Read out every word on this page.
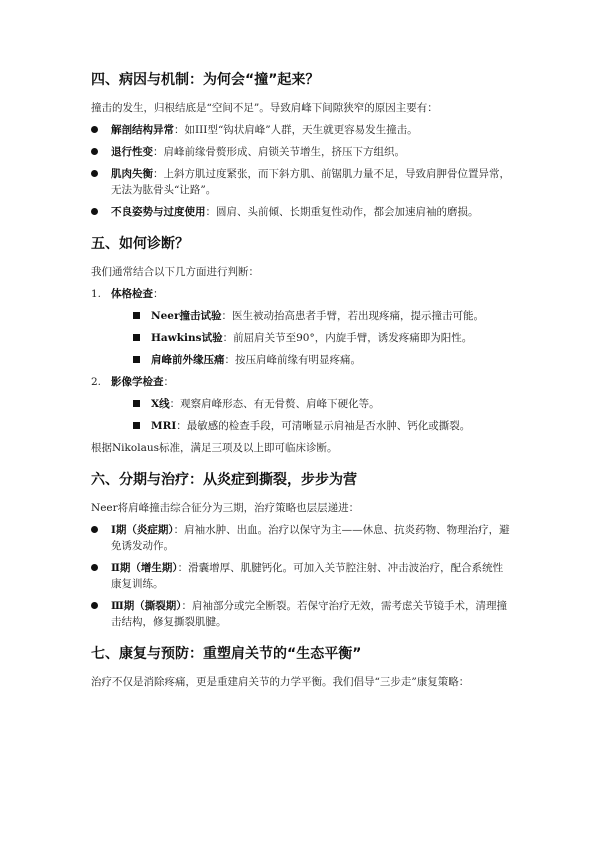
四、病因与机制：为何会“撞”起来？

撞击的发生，归根结底是“空间不足”。导致肩峰下间隙狭窄的原因主要有：

解剖结构异常：如III型“钩状肩峰”人群，天生就更容易发生撞击。
退行性变：肩峰前缘骨赘形成、肩锁关节增生，挤压下方组织。
肌肉失衡：上斜方肌过度紧张，而下斜方肌、前锯肌力量不足，导致肩胛骨位置异常，无法为肱骨头“让路”。
不良姿势与过度使用：圆肩、头前倾、长期重复性动作，都会加速肩袖的磨损。
五、如何诊断？

我们通常结合以下几方面进行判断：

1. 体格检查：
Neer撞击试验：医生被动抬高患者手臂，若出现疼痛，提示撞击可能。
Hawkins试验：前屈肩关节至90°，内旋手臂，诱发疼痛即为阳性。
肩峰前外缘压痛：按压肩峰前缘有明显疼痛。
2. 影像学检查：
X线：观察肩峰形态、有无骨赘、肩峰下硬化等。
MRI：最敏感的检查手段，可清晰显示肩袖是否水肿、钙化或撕裂。

根据Nikolaus标准，满足三项及以上即可临床诊断。

六、分期与治疗：从炎症到撕裂，步步为营

Neer将肩峰撞击综合征分为三期，治疗策略也层层递进：

Ⅰ期（炎症期）：肩袖水肿、出血。治疗以保守为主——休息、抗炎药物、物理治疗，避免诱发动作。
Ⅱ期（增生期）：滑囊增厚、肌腱钙化。可加入关节腔注射、冲击波治疗，配合系统性康复训练。
Ⅲ期（撕裂期）：肩袖部分或完全断裂。若保守治疗无效，需考虑关节镜手术，清理撞击结构，修复撕裂肌腱。
七、康复与预防：重塑肩关节的“生态平衡”

治疗不仅是消除疼痛，更是重建肩关节的力学平衡。我们倡导“三步走”康复策略：
